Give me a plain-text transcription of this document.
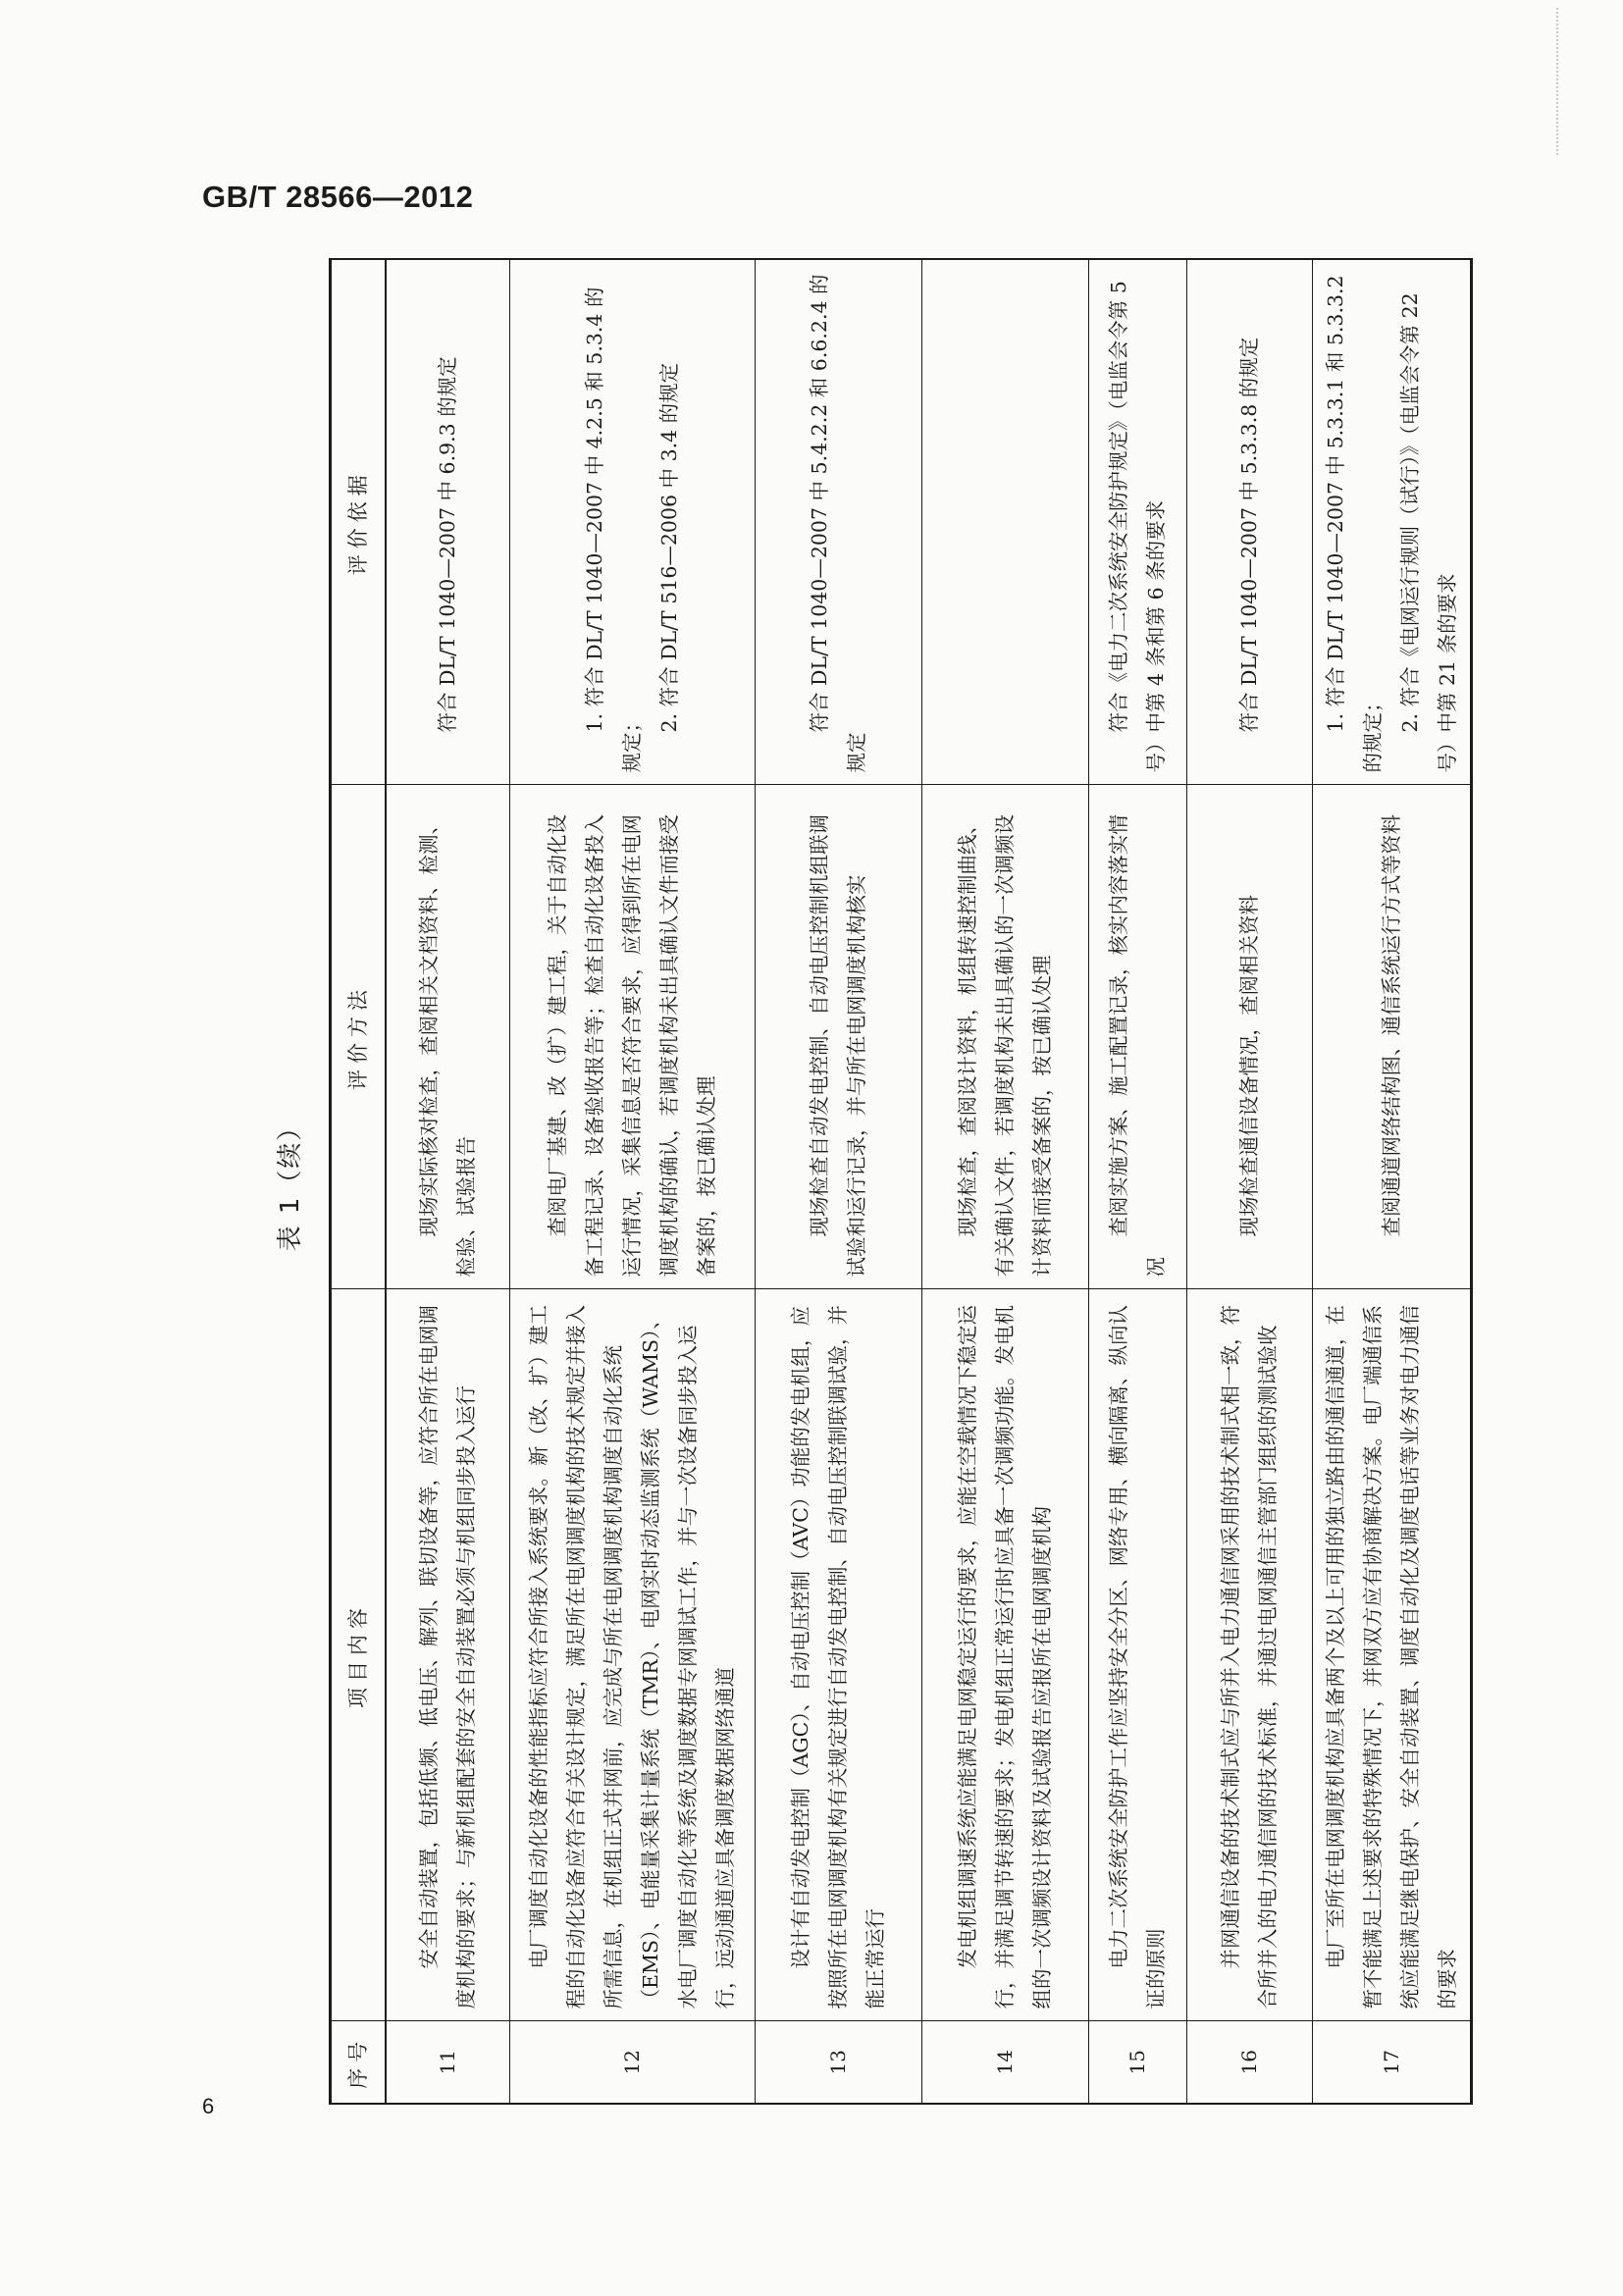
GB/T 28566—2012
表 1（续）
序号	项目内容	评价方法	评价依据
11	安全自动装置，包括低频、低电压、解列、联切设备等，应符合所在电网调度机构的要求；与新机组配套的安全自动装置必须与机组同步投入运行	现场实际核对检查，查阅相关文档资料、检测、检验、试验报告	符合 DL/T 1040—2007 中 6.9.3 的规定

12	电厂调度自动化设备的性能指标应符合所接入系统要求。新（改、扩）建工程的自动化设备应符合有关设计规定，满足所在电网调度机构的技术规定并接入所需信息，在机组正式并网前，应完成与所在电网调度机构调度自动化系统（EMS）、电能量采集计量系统（TMR）、电网实时动态监测系统（WAMS）、水电厂调度自动化等系统及调度数据专网调试工作，并与一次设备同步投入运行，远动通道应具备调度数据网络通道	查阅电厂基建、改（扩）建工程，关于自动化设备工程记录、设备验收报告等；检查自动化设备投入运行情况，采集信息是否符合要求，应得到所在电网调度机构的确认，若调度机构未出具确认文件而接受备案的，按已确认处理	1. 符合 DL/T 1040—2007 中 4.2.5 和 5.3.4 的规定；
2. 符合 DL/T 516—2006 中 3.4 的规定

13	设计有自动发电控制（AGC）、自动电压控制（AVC）功能的发电机组，应按照所在电网调度机构有关规定进行自动发电控制、自动电压控制联调试验，并能正常运行	现场检查自动发电控制、自动电压控制机组联调试验和运行记录，并与所在电网调度机构核实	符合 DL/T 1040—2007 中 5.4.2.2 和 6.6.2.4 的规定

14	发电机组调速系统应能满足电网稳定运行的要求，应能在空载情况下稳定运行，并满足调节转速的要求；发电机组正常运行时应具备一次调频功能。发电机组的一次调频设计资料及试验报告应报所在电网调度机构	现场检查，查阅设计资料，机组转速控制曲线、有关确认文件，若调度机构未出具确认的一次调频设计资料而接受备案的，按已确认处理	
15	电力二次系统安全防护工作应坚持安全分区、网络专用、横向隔离、纵向认证的原则	查阅实施方案、施工配置记录，核实内容落实情况	符合《电力二次系统安全防护规定》（电监会令第 5 号）中第 4 条和第 6 条的要求

16	并网通信设备的技术制式应与所并入电力通信网采用的技术制式相一致，符合所并入的电力通信网的技术标准，并通过电网通信主管部门组织的测试验收	现场检查通信设备情况，查阅相关资料	符合 DL/T 1040—2007 中 5.3.3.8 的规定

17	电厂至所在电网调度机构应具备两个及以上可用的独立路由的通信通道，在暂不能满足上述要求的特殊情况下，并网双方应有协商解决方案。电厂端通信系统应能满足继电保护、安全自动装置、调度自动化及调度电话等业务对电力通信的要求	查阅通道网络结构图、通信系统运行方式等资料	1. 符合 DL/T 1040—2007 中 5.3.3.1 和 5.3.3.2 的规定； 2. 符合《电网运行规则（试行）》（电监会令第 22 号）中第 21 条的要求
6
